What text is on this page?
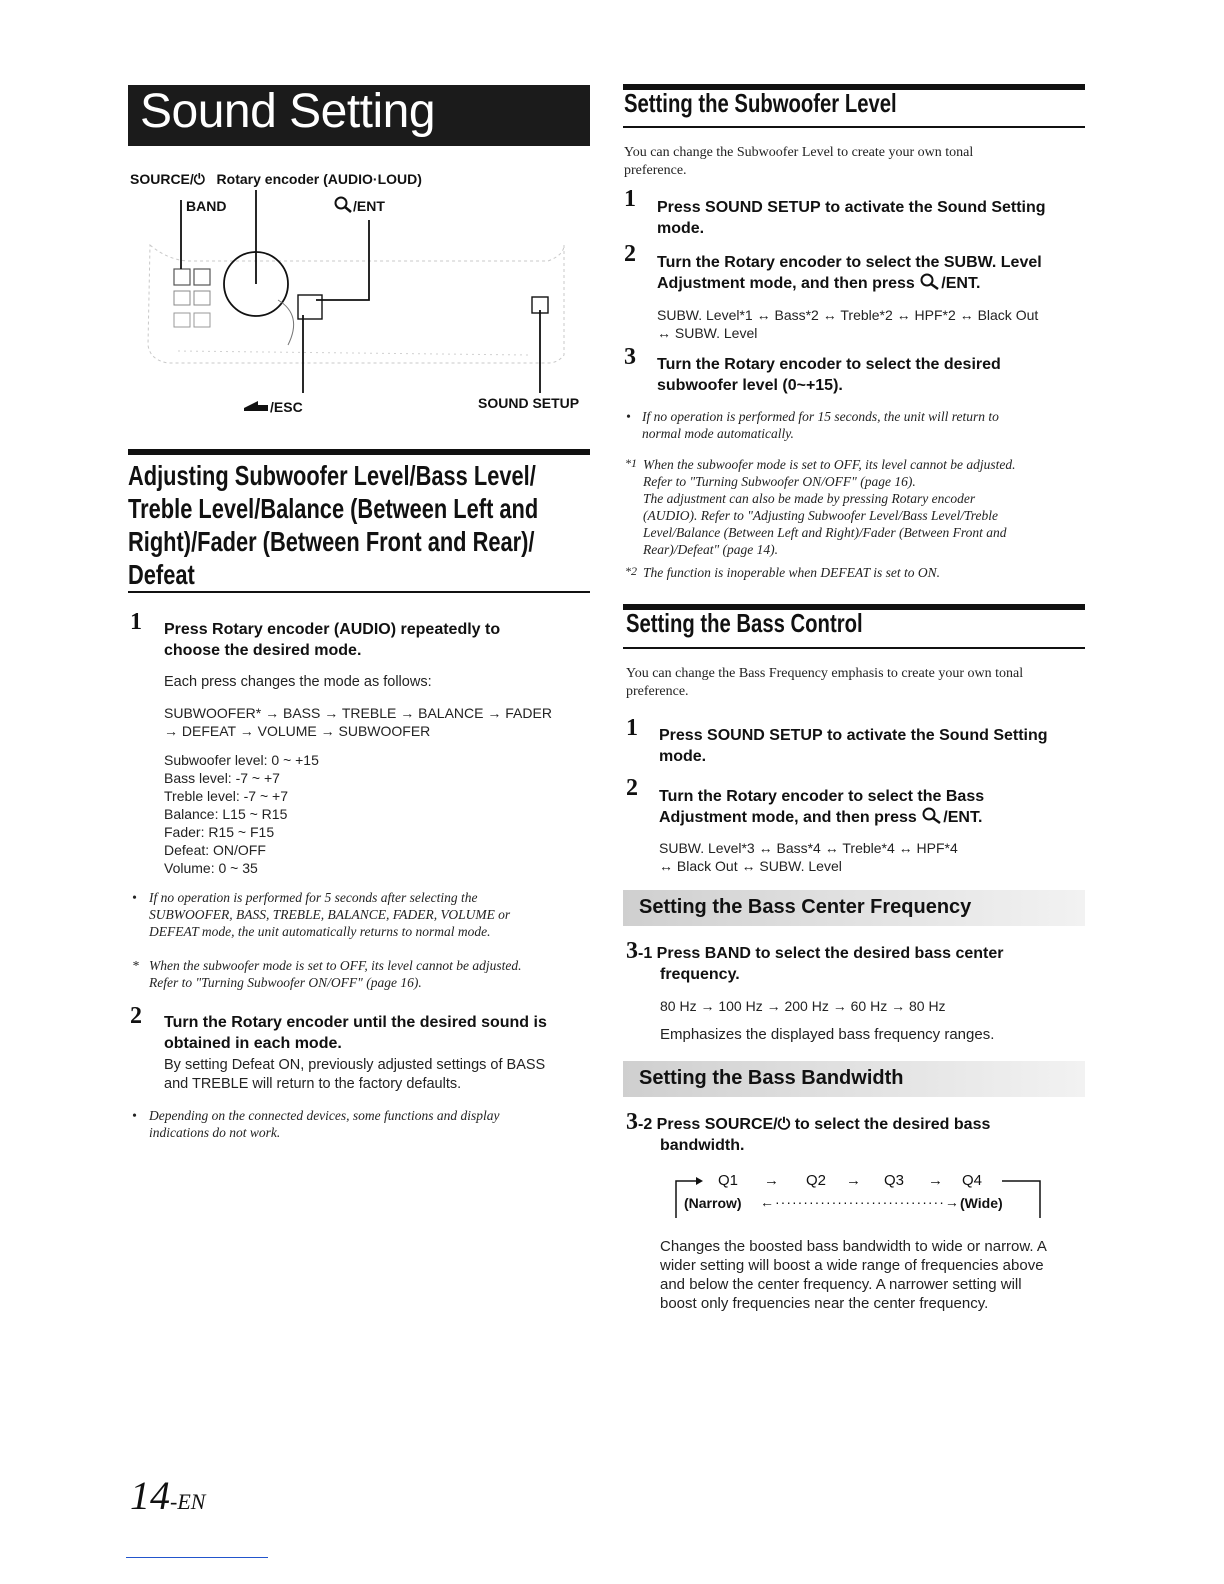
Sound Setting
SOURCE/⏻ Rotary encoder (AUDIO·LOUD)
BAND	/ENT
/ESC	SOUND SETUP
Adjusting Subwoofer Level/Bass Level/
Treble Level/Balance (Between Left and
Right)/Fader (Between Front and Rear)/
Defeat
1 Press Rotary encoder (AUDIO) repeatedly to
choose the desired mode.
Each press changes the mode as follows:
SUBWOOFER* → BASS → TREBLE → BALANCE → FADER
→ DEFEAT → VOLUME → SUBWOOFER
Subwoofer level: 0 ~ +15
Bass level: -7 ~ +7
Treble level: -7 ~ +7
Balance: L15 ~ R15
Fader: R15 ~ F15
Defeat: ON/OFF
Volume: 0 ~ 35
• If no operation is performed for 5 seconds after selecting the
SUBWOOFER, BASS, TREBLE, BALANCE, FADER, VOLUME or
DEFEAT mode, the unit automatically returns to normal mode.
* When the subwoofer mode is set to OFF, its level cannot be adjusted.
Refer to "Turning Subwoofer ON/OFF" (page 16).
2 Turn the Rotary encoder until the desired sound is
obtained in each mode.
By setting Defeat ON, previously adjusted settings of BASS
and TREBLE will return to the factory defaults.
• Depending on the connected devices, some functions and display
indications do not work.
14-EN
Setting the Subwoofer Level
You can change the Subwoofer Level to create your own tonal
preference.
1 Press SOUND SETUP to activate the Sound Setting
mode.
2 Turn the Rotary encoder to select the SUBW. Level
Adjustment mode, and then press /ENT.
SUBW. Level*1 ↔ Bass*2 ↔ Treble*2 ↔ HPF*2 ↔ Black Out
↔ SUBW. Level
3 Turn the Rotary encoder to select the desired
subwoofer level (0~+15).
• If no operation is performed for 15 seconds, the unit will return to
normal mode automatically.
*1 When the subwoofer mode is set to OFF, its level cannot be adjusted.
Refer to "Turning Subwoofer ON/OFF" (page 16).
The adjustment can also be made by pressing Rotary encoder
(AUDIO). Refer to "Adjusting Subwoofer Level/Bass Level/Treble
Level/Balance (Between Left and Right)/Fader (Between Front and
Rear)/Defeat" (page 14).
*2 The function is inoperable when DEFEAT is set to ON.
Setting the Bass Control
You can change the Bass Frequency emphasis to create your own tonal
preference.
1 Press SOUND SETUP to activate the Sound Setting
mode.
2 Turn the Rotary encoder to select the Bass
Adjustment mode, and then press /ENT.
SUBW. Level*3 ↔ Bass*4 ↔ Treble*4 ↔ HPF*4
↔ Black Out ↔ SUBW. Level
Setting the Bass Center Frequency
3-1 Press BAND to select the desired bass center
frequency.
80 Hz → 100 Hz → 200 Hz → 60 Hz → 80 Hz
Emphasizes the displayed bass frequency ranges.
Setting the Bass Bandwidth
3-2 Press SOURCE/⏻ to select the desired bass
bandwidth.
Q1 → Q2 → Q3 → Q4
(Narrow) ←······························→ (Wide)
Changes the boosted bass bandwidth to wide or narrow. A
wider setting will boost a wide range of frequencies above
and below the center frequency. A narrower setting will
boost only frequencies near the center frequency.
